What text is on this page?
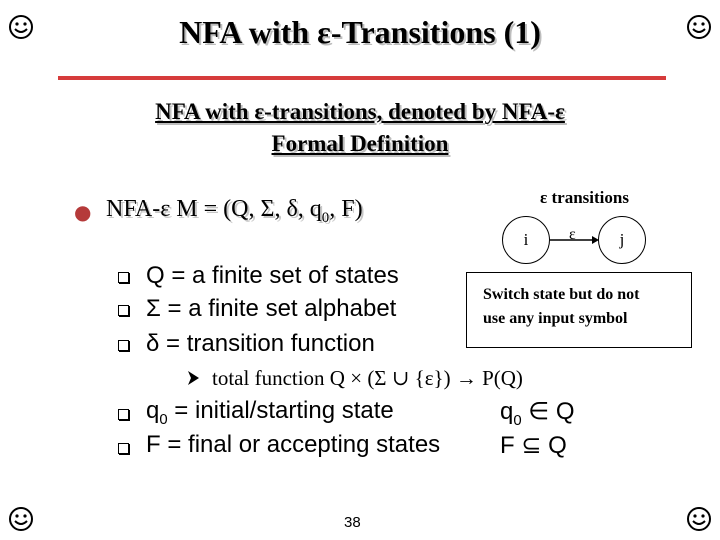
NFA with ε-Transitions (1)
NFA with ε-transitions, denoted by NFA-ε
Formal Definition
● NFA-ε M = (Q, Σ, δ, $q_0$, F)
Q = a finite set of states
Σ = a finite set alphabet
δ = transition function
total function Q × (Σ ∪ {ε}) → P(Q)
$q_0$ = initial/starting state	$q_0$ ∈ Q
F = final or accepting states F ⊆ Q
ε transitions
i	j
ε
Switch state but do not
use any input symbol
38
